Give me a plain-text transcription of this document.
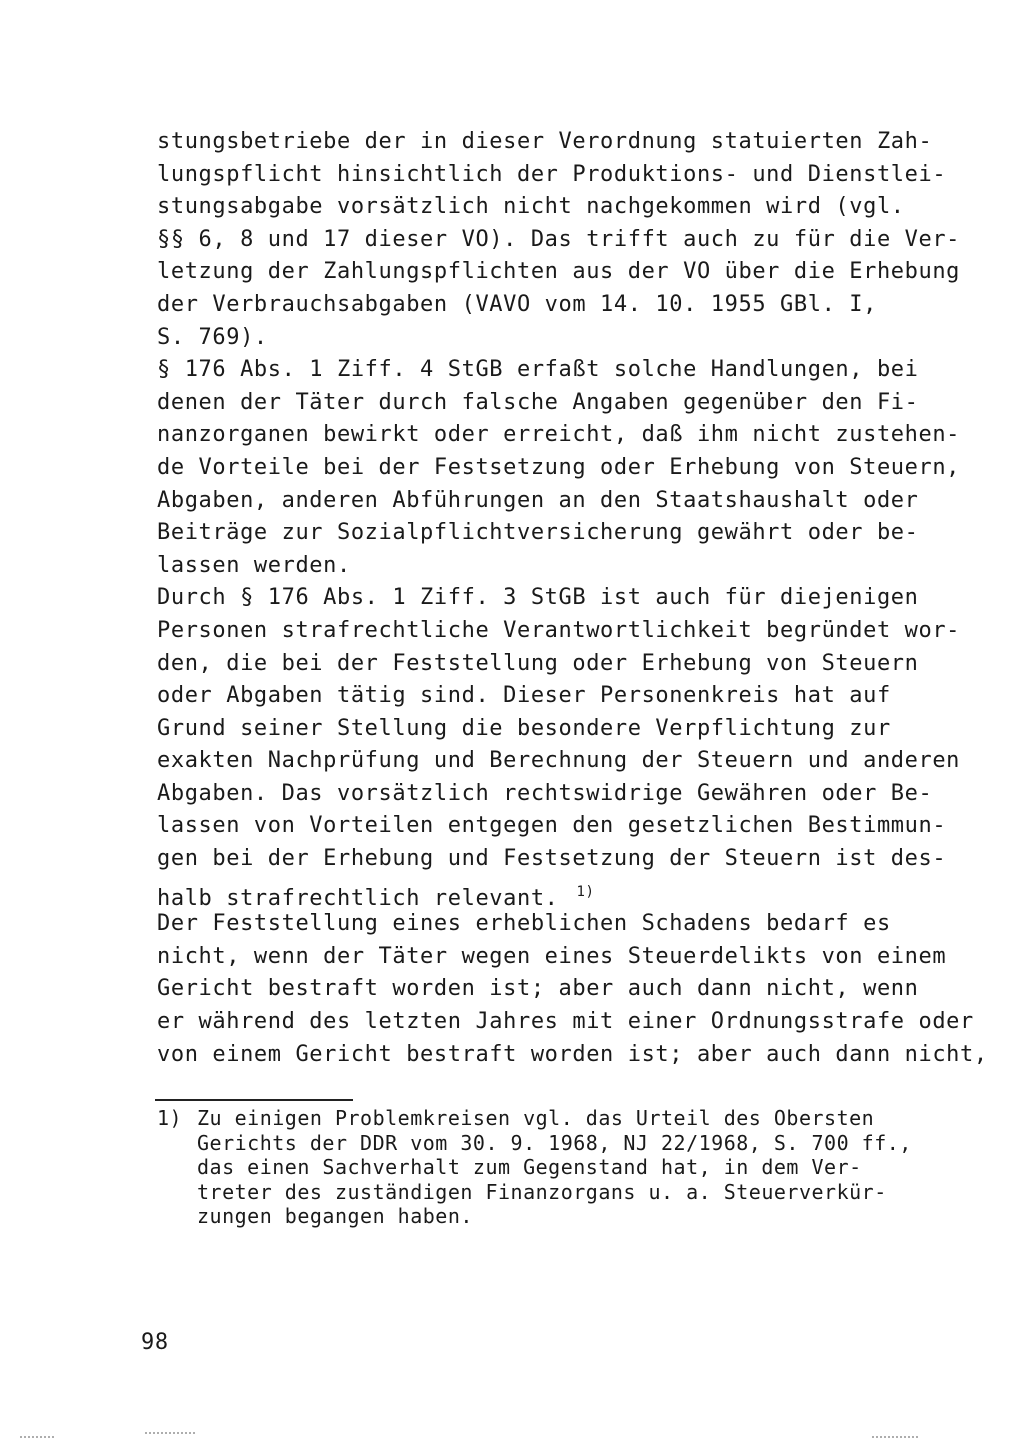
stungsbetriebe der in dieser Verordnung statuierten Zah-
lungspflicht hinsichtlich der Produktions- und Dienstlei-
stungsabgabe vorsätzlich nicht nachgekommen wird (vgl.
§§ 6, 8 und 17 dieser VO). Das trifft auch zu für die Ver-
letzung der Zahlungspflichten aus der VO über die Erhebung
der Verbrauchsabgaben (VAVO vom 14. 10. 1955 GBl. I,
S. 769).
§ 176 Abs. 1 Ziff. 4 StGB erfaßt solche Handlungen, bei
denen der Täter durch falsche Angaben gegenüber den Fi-
nanzorganen bewirkt oder erreicht, daß ihm nicht zustehen-
de Vorteile bei der Festsetzung oder Erhebung von Steuern,
Abgaben, anderen Abführungen an den Staatshaushalt oder
Beiträge zur Sozialpflichtversicherung gewährt oder be-
lassen werden.
Durch § 176 Abs. 1 Ziff. 3 StGB ist auch für diejenigen
Personen strafrechtliche Verantwortlichkeit begründet wor-
den, die bei der Feststellung oder Erhebung von Steuern
oder Abgaben tätig sind. Dieser Personenkreis hat auf
Grund seiner Stellung die besondere Verpflichtung zur
exakten Nachprüfung und Berechnung der Steuern und anderen
Abgaben. Das vorsätzlich rechtswidrige Gewähren oder Be-
lassen von Vorteilen entgegen den gesetzlichen Bestimmun-
gen bei der Erhebung und Festsetzung der Steuern ist des-
halb strafrechtlich relevant. $^{1)}$
Der Feststellung eines erheblichen Schadens bedarf es
nicht, wenn der Täter wegen eines Steuerdelikts von einem
Gericht bestraft worden ist; aber auch dann nicht, wenn
er während des letzten Jahres mit einer Ordnungsstrafe oder
von einem Gericht bestraft worden ist; aber auch dann nicht,
1) Zu einigen Problemkreisen vgl. das Urteil des Obersten
Gerichts der DDR vom 30. 9. 1968, NJ 22/1968, S. 700 ff.,
das einen Sachverhalt zum Gegenstand hat, in dem Ver-
treter des zuständigen Finanzorgans u. a. Steuerverkür-
zungen begangen haben.
98
